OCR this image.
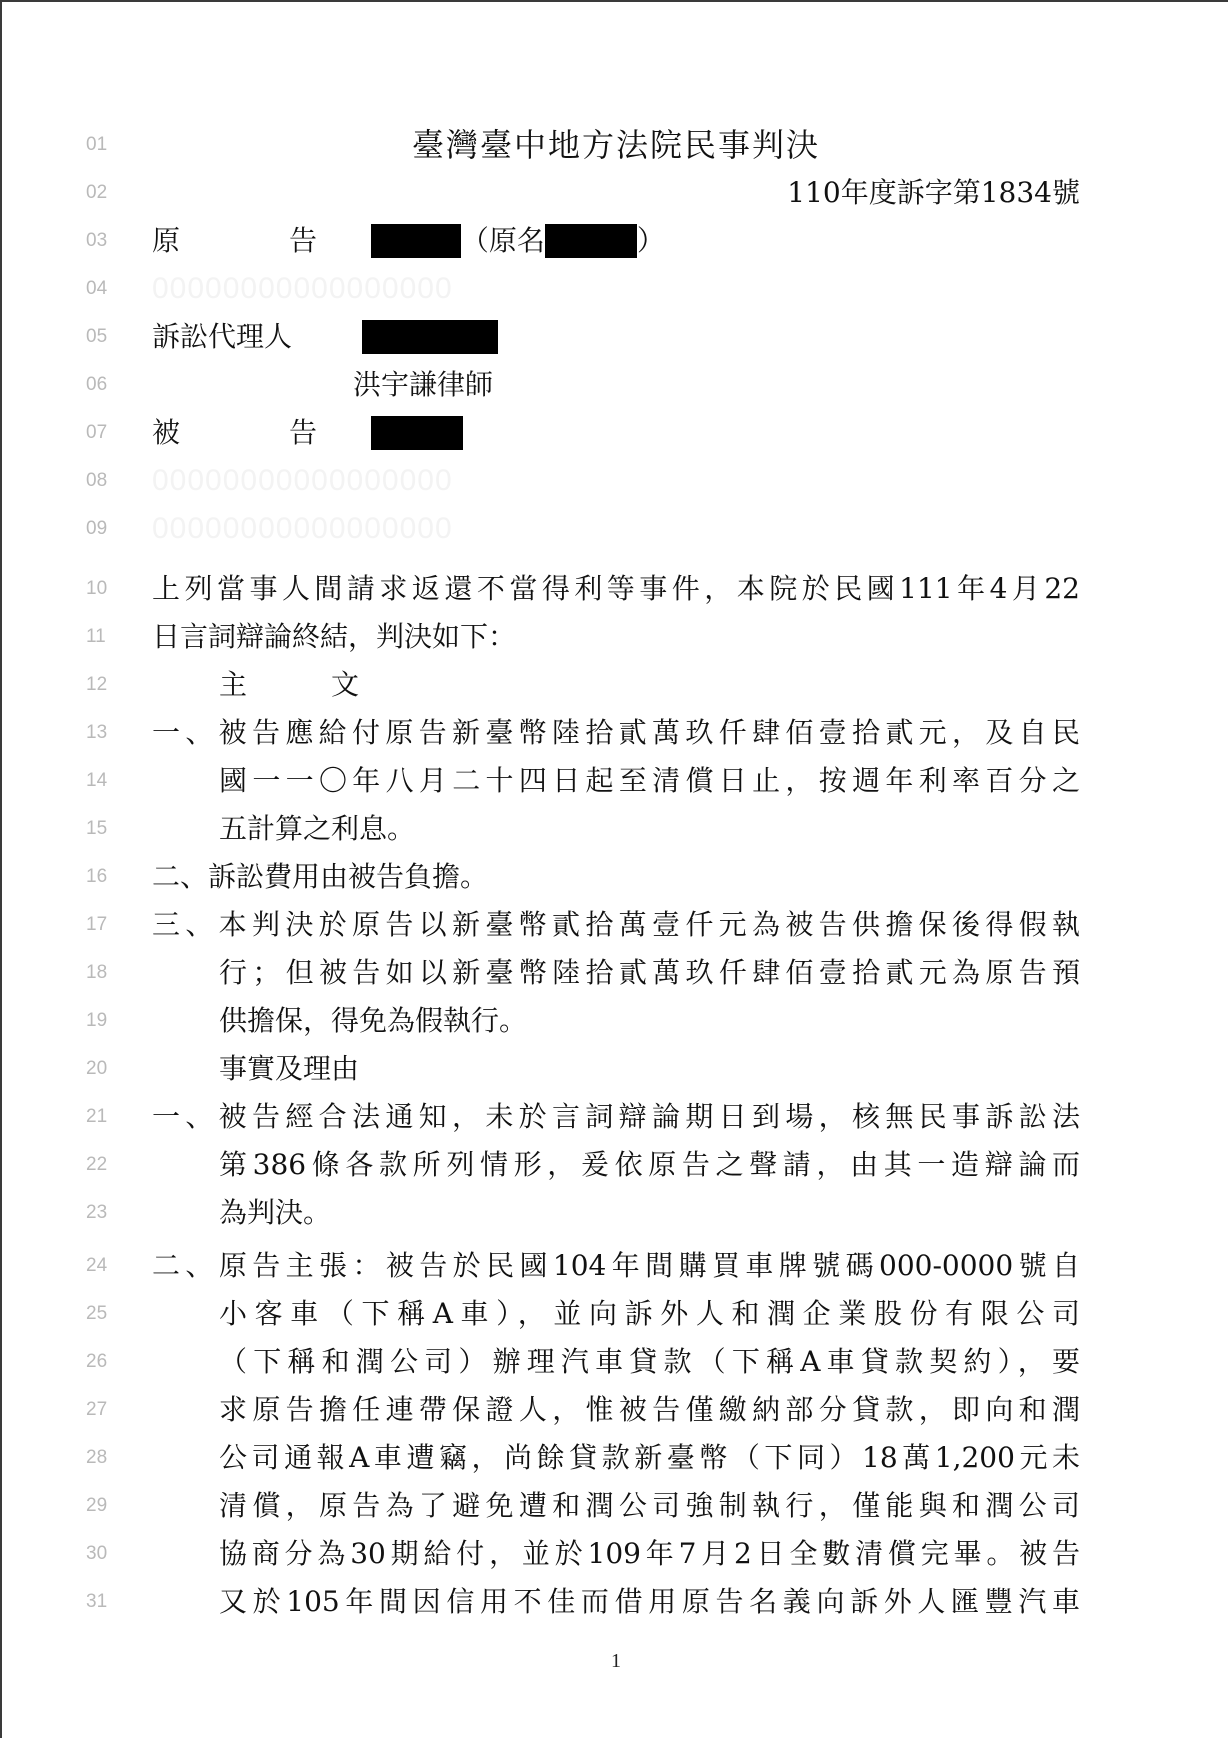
01	臺灣臺中地方法院民事判決
02	110年度訴字第1834號
03	原 告	（原名	）
04	00000000000000000
05	訴訟代理人
06	洪宇謙律師
07	被 告
08	00000000000000000
09	00000000000000000
10	上列當事人間請求返還不當得利等事件，本院於民國111年4月22
11	日言詞辯論終結，判決如下：
12	主　　　文
13	一、被告應給付原告新臺幣陸拾貳萬玖仟肆佰壹拾貳元，及自民
14	國一一〇年八月二十四日起至清償日止，按週年利率百分之
15	五計算之利息。
16	二、訴訟費用由被告負擔。
17	三、本判決於原告以新臺幣貳拾萬壹仟元為被告供擔保後得假執
18	行；但被告如以新臺幣陸拾貳萬玖仟肆佰壹拾貳元為原告預
19	供擔保，得免為假執行。
20	事實及理由
21	一、被告經合法通知，未於言詞辯論期日到場，核無民事訴訟法
22	第386條各款所列情形，爰依原告之聲請，由其一造辯論而
23	為判決。
24	二、原告主張：被告於民國104年間購買車牌號碼000-0000號自
25	小客車（下稱A車），並向訴外人和潤企業股份有限公司
26	（下稱和潤公司）辦理汽車貸款（下稱A車貸款契約），要
27	求原告擔任連帶保證人，惟被告僅繳納部分貸款，即向和潤
28	公司通報A車遭竊，尚餘貸款新臺幣（下同）18萬1,200元未
29	清償，原告為了避免遭和潤公司強制執行，僅能與和潤公司
30	協商分為30期給付，並於109年7月2日全數清償完畢。被告
31	又於105年間因信用不佳而借用原告名義向訴外人匯豐汽車
1
